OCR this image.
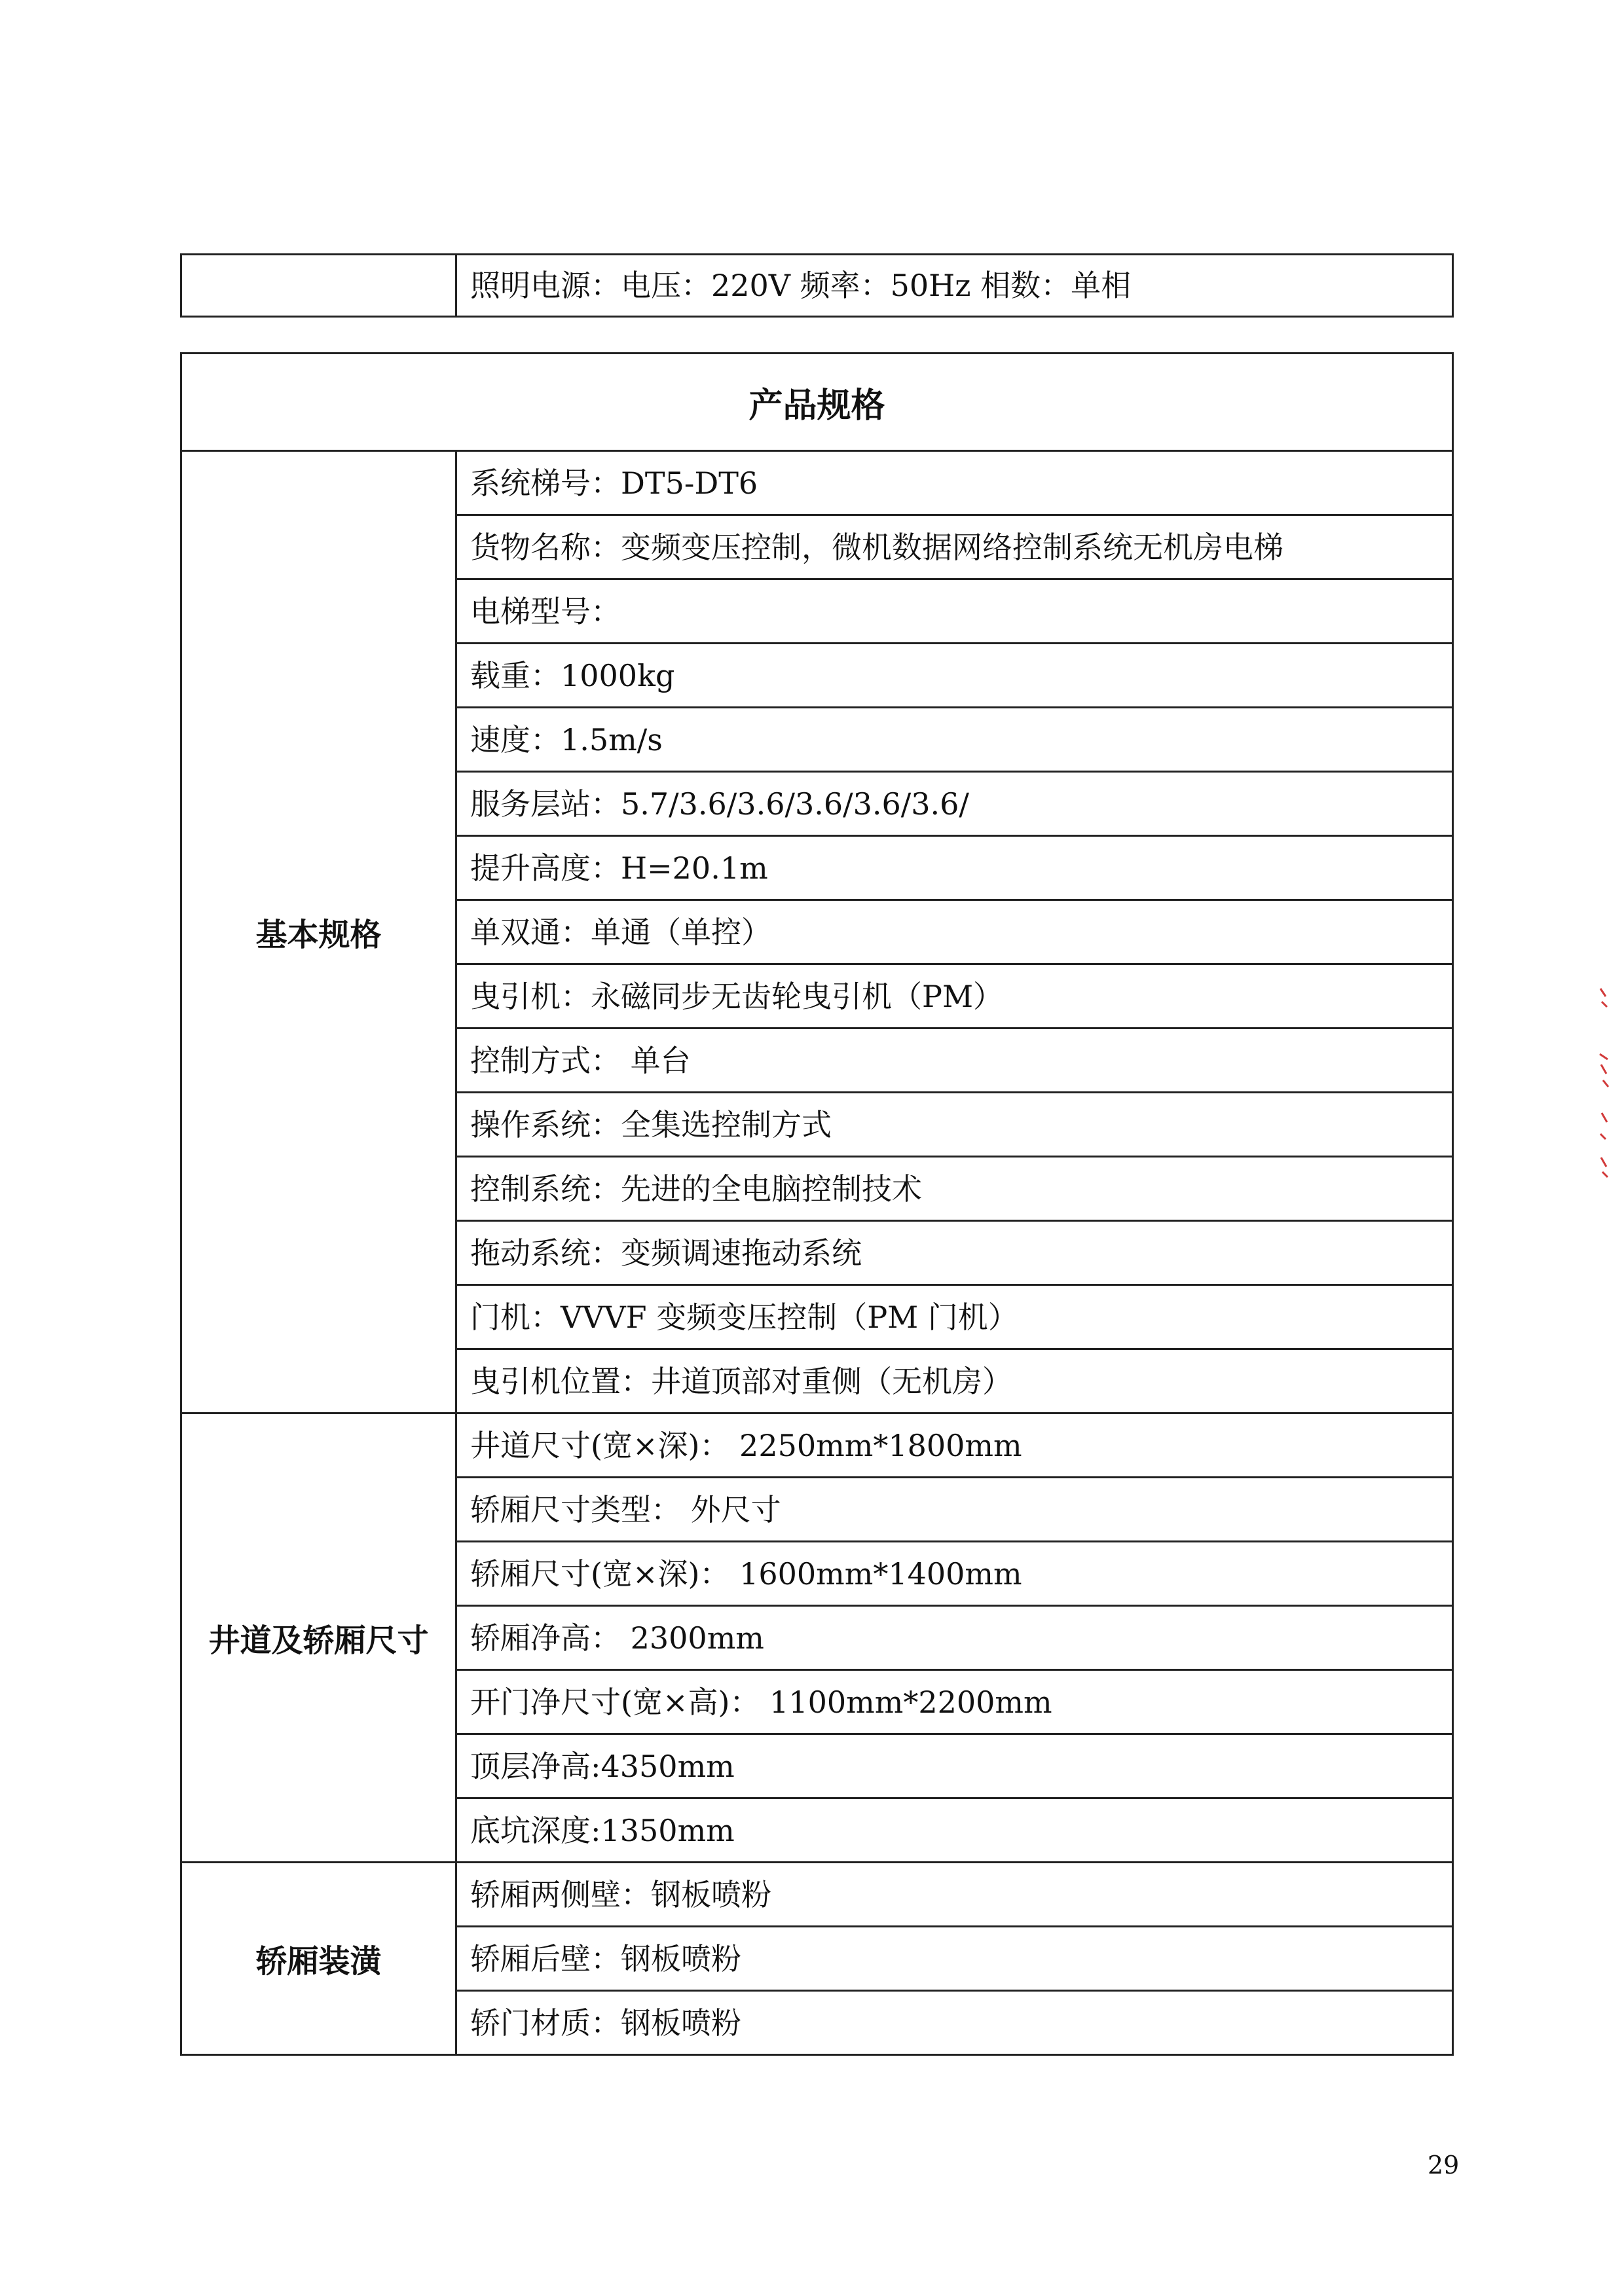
照明电源：电压：220V 频率：50Hz 相数：单相
产品规格	
基本规格	系统梯号：DT5-DT6

	货物名称：变频变压控制，微机数据网络控制系统无机房电梯

	电梯型号：

	载重：1000kg

	速度：1.5m/s

	服务层站：5.7/3.6/3.6/3.6/3.6/3.6/

	提升高度：H=20.1m

	单双通：单通（单控）

	曳引机：永磁同步无齿轮曳引机（PM）

	控制方式： 单台

	操作系统：全集选控制方式

	控制系统：先进的全电脑控制技术

	拖动系统：变频调速拖动系统

	门机：VVVF 变频变压控制（PM 门机）

	曳引机位置：井道顶部对重侧（无机房）

井道及轿厢尺寸	井道尺寸(宽×深)： 2250mm*1800mm

	轿厢尺寸类型： 外尺寸

	轿厢尺寸(宽×深)： 1600mm*1400mm

	轿厢净高： 2300mm

	开门净尺寸(宽×高)： 1100mm*2200mm

	顶层净高:4350mm

	底坑深度:1350mm

轿厢装潢	轿厢两侧壁：钢板喷粉

	轿厢后壁：钢板喷粉

	轿门材质：钢板喷粉
29
